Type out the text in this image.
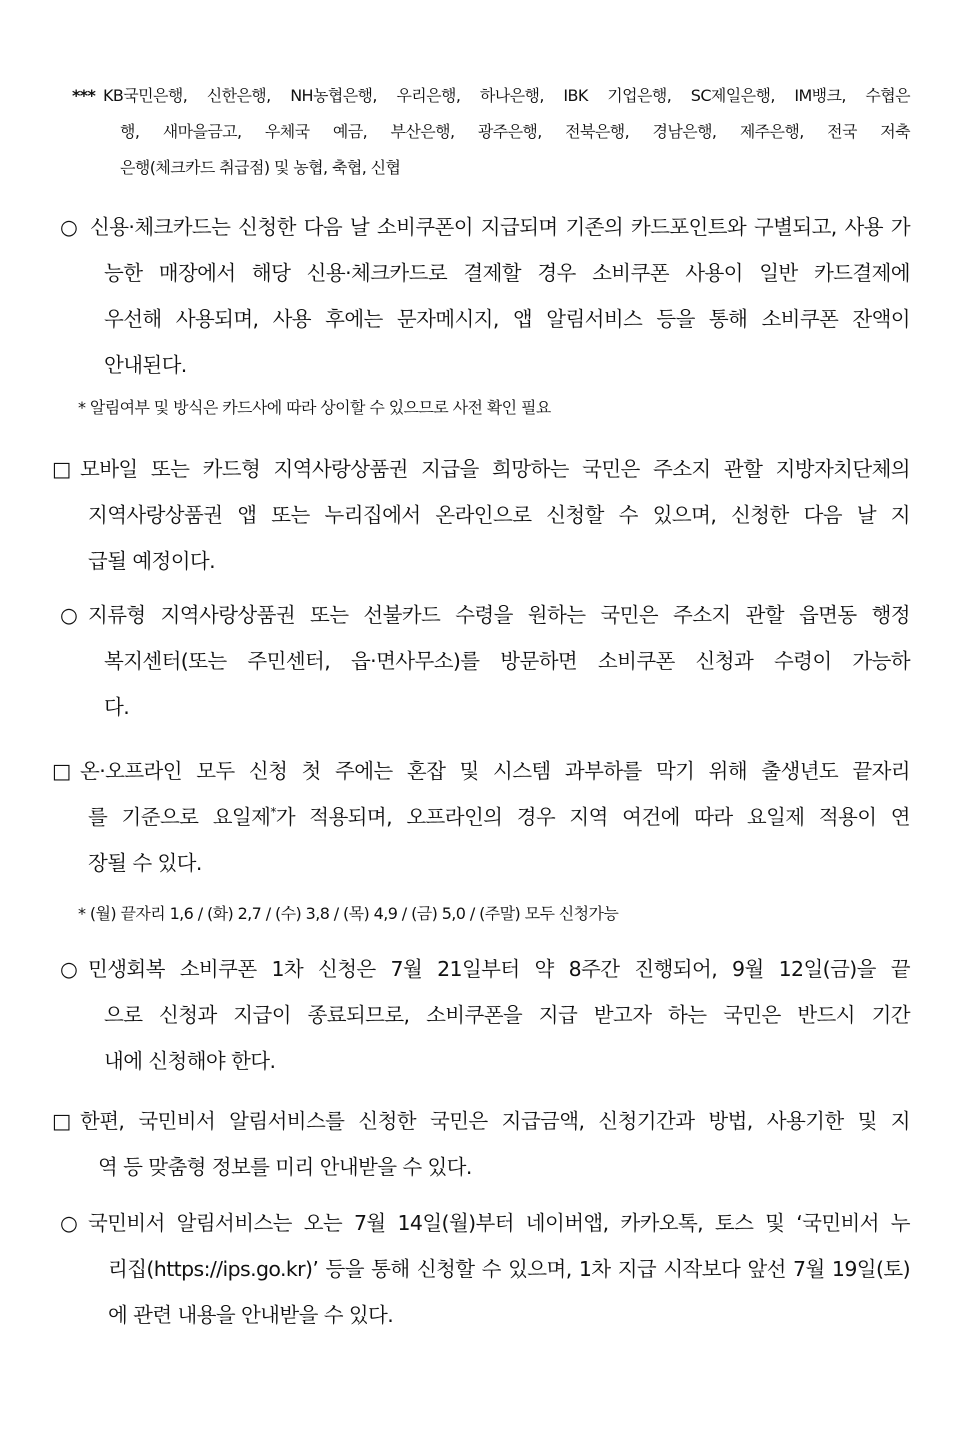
*** KB국민은행, 신한은행, NH농협은행, 우리은행, 하나은행, IBK 기업은행, SC제일은행, IM뱅크, 수협은
행, 새마을금고, 우체국 예금, 부산은행, 광주은행, 전북은행, 경남은행, 제주은행, 전국 저축
은행(체크카드 취급점) 및 농협, 축협, 신협
○ 신용·체크카드는 신청한 다음 날 소비쿠폰이 지급되며 기존의 카드포인트와 구별되고, 사용 가
능한 매장에서 해당 신용·체크카드로 결제할 경우 소비쿠폰 사용이 일반 카드결제에
우선해 사용되며, 사용 후에는 문자메시지, 앱 알림서비스 등을 통해 소비쿠폰 잔액이
안내된다.
* 알림여부 및 방식은 카드사에 따라 상이할 수 있으므로 사전 확인 필요
□ 모바일 또는 카드형 지역사랑상품권 지급을 희망하는 국민은 주소지 관할 지방자치단체의
지역사랑상품권 앱 또는 누리집에서 온라인으로 신청할 수 있으며, 신청한 다음 날 지
급될 예정이다.
○ 지류형 지역사랑상품권 또는 선불카드 수령을 원하는 국민은 주소지 관할 읍면동 행정
복지센터(또는 주민센터, 읍·면사무소)를 방문하면 소비쿠폰 신청과 수령이 가능하
다.
□ 온·오프라인 모두 신청 첫 주에는 혼잡 및 시스템 과부하를 막기 위해 출생년도 끝자리
를 기준으로 요일제*가 적용되며, 오프라인의 경우 지역 여건에 따라 요일제 적용이 연
장될 수 있다.
* (월) 끝자리 1,6 / (화) 2,7 / (수) 3,8 / (목) 4,9 / (금) 5,0 / (주말) 모두 신청가능
○ 민생회복 소비쿠폰 1차 신청은 7월 21일부터 약 8주간 진행되어, 9월 12일(금)을 끝
으로 신청과 지급이 종료되므로, 소비쿠폰을 지급 받고자 하는 국민은 반드시 기간
내에 신청해야 한다.
□ 한편, 국민비서 알림서비스를 신청한 국민은 지급금액, 신청기간과 방법, 사용기한 및 지
역 등 맞춤형 정보를 미리 안내받을 수 있다.
○ 국민비서 알림서비스는 오는 7월 14일(월)부터 네이버앱, 카카오톡, 토스 및 ‘국민비서 누
리집(https://ips.go.kr)’ 등을 통해 신청할 수 있으며, 1차 지급 시작보다 앞선 7월 19일(토)
에 관련 내용을 안내받을 수 있다.
